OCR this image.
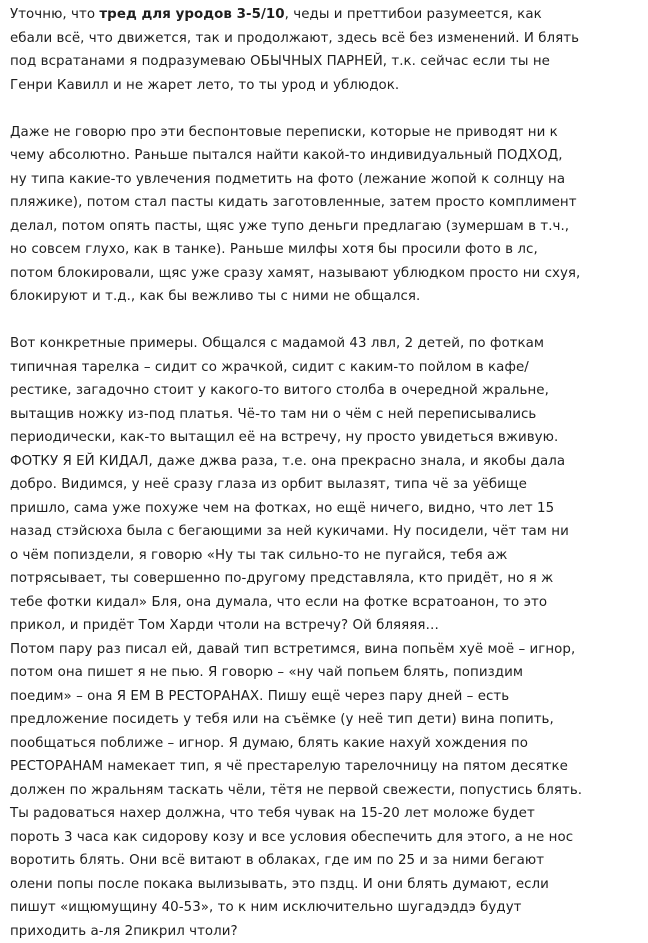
Уточню, что тред для уродов 3-5/10, чеды и преттибои разумеется, как
ебали всё, что движется, так и продолжают, здесь всё без изменений. И блять
под всратанами я подразумеваю ОБЫЧНЫХ ПАРНЕЙ, т.к. сейчас если ты не
Генри Кавилл и не жарет лето, то ты урод и ублюдок.

Даже не говорю про эти беспонтовые переписки, которые не приводят ни к
чему абсолютно. Раньше пытался найти какой-то индивидуальный ПОДХОД,
ну типа какие-то увлечения подметить на фото (лежание жопой к солнцу на
пляжике), потом стал пасты кидать заготовленные, затем просто комплимент
делал, потом опять пасты, щяс уже тупо деньги предлагаю (зумершам в т.ч.,
но совсем глухо, как в танке). Раньше милфы хотя бы просили фото в лс,
потом блокировали, щяс уже сразу хамят, называют ублюдком просто ни схуя,
блокируют и т.д., как бы вежливо ты с ними не общался.

Вот конкретные примеры. Общался с мадамой 43 лвл, 2 детей, по фоткам
типичная тарелка – сидит со жрачкой, сидит с каким-то пойлом в кафе/
рестике, загадочно стоит у какого-то витого столба в очередной жральне,
вытащив ножку из-под платья. Чё-то там ни о чём с ней переписывались
периодически, как-то вытащил её на встречу, ну просто увидеться вживую.
ФОТКУ Я ЕЙ КИДАЛ, даже джва раза, т.е. она прекрасно знала, и якобы дала
добро. Видимся, у неё сразу глаза из орбит вылазят, типа чё за уёбище
пришло, сама уже похуже чем на фотках, но ещё ничего, видно, что лет 15
назад стэйсюха была с бегающими за ней кукичами. Ну посидели, чёт там ни
о чём попиздели, я говорю «Ну ты так сильно-то не пугайся, тебя аж
потрясывает, ты совершенно по-другому представляла, кто придёт, но я ж
тебе фотки кидал» Бля, она думала, что если на фотке всратоанон, то это
прикол, и придёт Том Харди чтоли на встречу? Ой бляяяя…
Потом пару раз писал ей, давай тип встретимся, вина попьём хуё моё – игнор,
потом она пишет я не пью. Я говорю – «ну чай попьем блять, попиздим
поедим» – она Я ЕМ В РЕСТОРАНАХ. Пишу ещё через пару дней – есть
предложение посидеть у тебя или на съёмке (у неё тип дети) вина попить,
пообщаться поближе – игнор. Я думаю, блять какие нахуй хождения по
РЕСТОРАНАМ намекает тип, я чё престарелую тарелочницу на пятом десятке
должен по жральням таскать чёли, тётя не первой свежести, попустись блять.
Ты радоваться нахер должна, что тебя чувак на 15-20 лет моложе будет
пороть 3 часа как сидорову козу и все условия обеспечить для этого, а не нос
воротить блять. Они всё витают в облаках, где им по 25 и за ними бегают
олени попы после покака вылизывать, это пздц. И они блять думают, если
пишут «ищюмущину 40-53», то к ним исключительно шугадэддэ будут
приходить а-ля 2пикрил чтоли?
